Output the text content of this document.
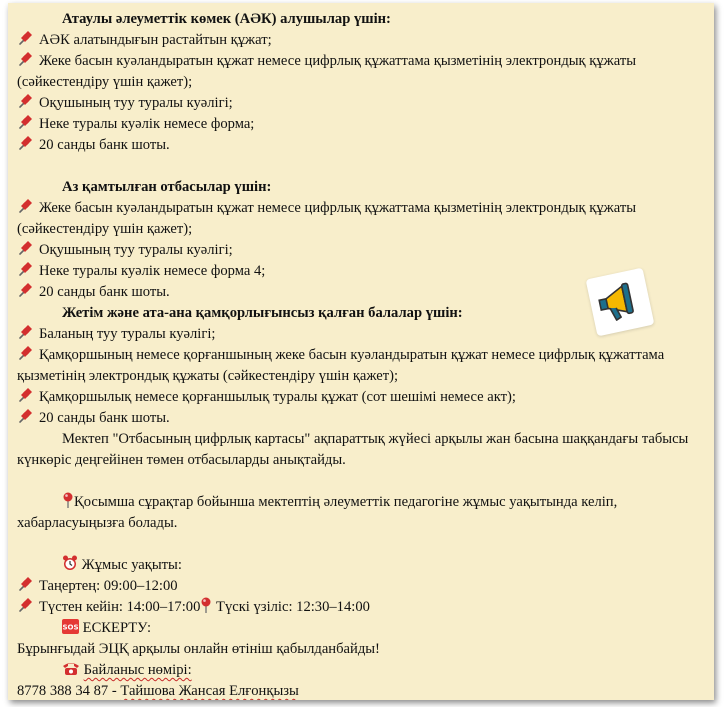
Атаулы әлеуметтік көмек (АӘК) алушылар үшін:

АӘК алатындығын растайтын құжат;

Жеке басын куәландыратын құжат немесе цифрлық құжаттама қызметінің электрондық құжаты (сәйкестендіру үшін қажет);

Оқушының туу туралы куәлігі;

Неке туралы куәлік немесе форма;

20 санды банк шоты.

Аз қамтылған отбасылар үшін:

Жеке басын куәландыратын құжат немесе цифрлық құжаттама қызметінің электрондық құжаты (сәйкестендіру үшін қажет);

Оқушының туу туралы куәлігі;

Неке туралы куәлік немесе форма 4;

20 санды банк шоты.

Жетім және ата-ана қамқорлығынсыз қалған балалар үшін:

Баланың туу туралы куәлігі;

Қамқоршының немесе қорғаншының жеке басын куәландыратын құжат немесе цифрлық құжаттама қызметінің электрондық құжаты (сәйкестендіру үшін қажет);

Қамқоршылық немесе қорғаншылық туралы құжат (сот шешімі немесе акт);

20 санды банк шоты.

Мектеп "Отбасының цифрлық картасы" ақпараттық жүйесі арқылы жан басына шаққандағы табысы күнкөріс деңгейінен төмен отбасыларды анықтайды.

Қосымша сұрақтар бойынша мектептің әлеуметтік педагогіне жұмыс уақытында келіп, хабарласуыңызға болады.

Жұмыс уақыты:

Таңертең: 09:00–12:00

Түстен кейін: 14:00–17:00 Түскі үзіліс: 12:30–14:00

SOS ЕСКЕРТУ:

Бұрынғыдай ЭЦҚ арқылы онлайн өтініш қабылданбайды!

Байланыс нөмірі:

8778 388 34 87 - Тайшова Жансая Елғонқызы
